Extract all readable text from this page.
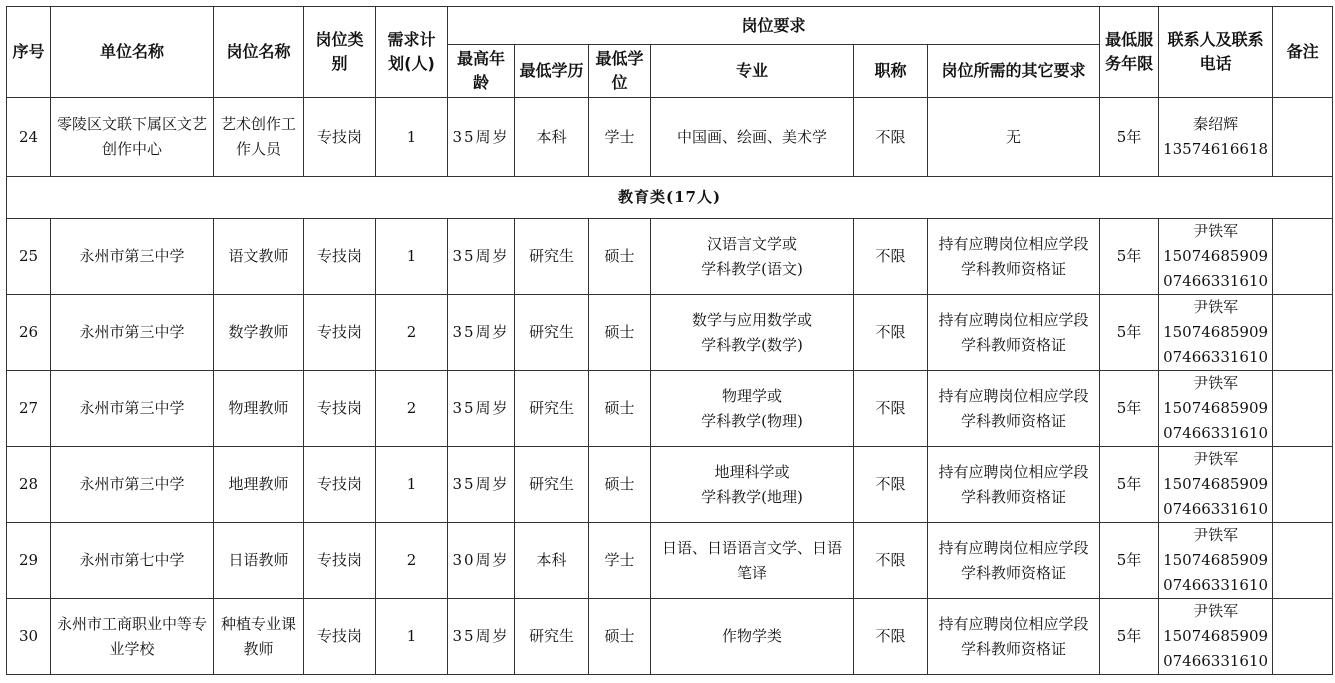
序号	单位名称	岗位名称	岗位类别	需求计划(人)	岗位要求						最低服务年限	联系人及联系电话	备注
					最高年龄	最低学历	最低学位	专业	职称	岗位所需的其它要求			
24	零陵区文联下属区文艺创作中心	艺术创作工作人员	专技岗	1	35周岁	本科	学士	中国画、绘画、美术学	不限	无	5年	秦绍辉
13574616618	

教育类(17人)													
25	永州市第三中学	语文教师	专技岗	1	35周岁	研究生	硕士	汉语言文学或
学科教学(语文)	不限	持有应聘岗位相应学段学科教师资格证	5年	尹铁军
15074685909
07466331610	

26	永州市第三中学	数学教师	专技岗	2	35周岁	研究生	硕士	数学与应用数学或
学科教学(数学)	不限	持有应聘岗位相应学段学科教师资格证	5年	尹铁军
15074685909
07466331610	

27	永州市第三中学	物理教师	专技岗	2	35周岁	研究生	硕士	物理学或
学科教学(物理)	不限	持有应聘岗位相应学段学科教师资格证	5年	尹铁军
15074685909
07466331610	

28	永州市第三中学	地理教师	专技岗	1	35周岁	研究生	硕士	地理科学或
学科教学(地理)	不限	持有应聘岗位相应学段学科教师资格证	5年	尹铁军
15074685909
07466331610	

29	永州市第七中学	日语教师	专技岗	2	30周岁	本科	学士	日语、日语语言文学、日语笔译	不限	持有应聘岗位相应学段学科教师资格证	5年	尹铁军
15074685909
07466331610	

30	永州市工商职业中等专业学校	种植专业课教师	专技岗	1	35周岁	研究生	硕士	作物学类	不限	持有应聘岗位相应学段学科教师资格证	5年	尹铁军
15074685909
07466331610	
